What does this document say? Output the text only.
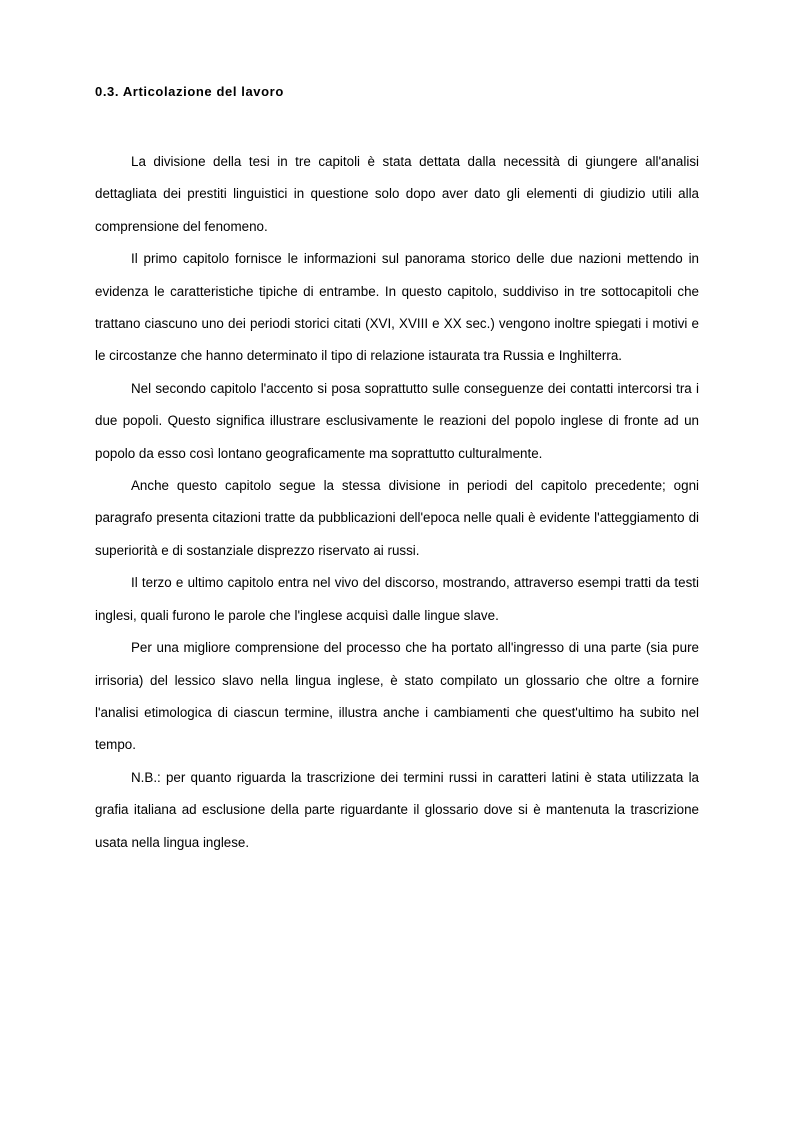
0.3. Articolazione del lavoro

La divisione della tesi in tre capitoli è stata dettata dalla necessità di giungere all'analisi dettagliata dei prestiti linguistici in questione solo dopo aver dato gli elementi di giudizio utili alla comprensione del fenomeno.

Il primo capitolo fornisce le informazioni sul panorama storico delle due nazioni mettendo in evidenza le caratteristiche tipiche di entrambe. In questo capitolo, suddiviso in tre sottocapitoli che trattano ciascuno uno dei periodi storici citati (XVI, XVIII e XX sec.) vengono inoltre spiegati i motivi e le circostanze che hanno determinato il tipo di relazione istaurata tra Russia e Inghilterra.

Nel secondo capitolo l'accento si posa soprattutto sulle conseguenze dei contatti intercorsi tra i due popoli. Questo significa illustrare esclusivamente le reazioni del popolo inglese di fronte ad un popolo da esso così lontano geograficamente ma soprattutto culturalmente.

Anche questo capitolo segue la stessa divisione in periodi del capitolo precedente; ogni paragrafo presenta citazioni tratte da pubblicazioni dell'epoca nelle quali è evidente l'atteggiamento di superiorità e di sostanziale disprezzo riservato ai russi.

Il terzo e ultimo capitolo entra nel vivo del discorso, mostrando, attraverso esempi tratti da testi inglesi, quali furono le parole che l'inglese acquisì dalle lingue slave.

Per una migliore comprensione del processo che ha portato all'ingresso di una parte (sia pure irrisoria) del lessico slavo nella lingua inglese, è stato compilato un glossario che oltre a fornire l'analisi etimologica di ciascun termine, illustra anche i cambiamenti che quest'ultimo ha subito nel tempo.

N.B.: per quanto riguarda la trascrizione dei termini russi in caratteri latini è stata utilizzata la grafia italiana ad esclusione della parte riguardante il glossario dove si è mantenuta la trascrizione usata nella lingua inglese.
